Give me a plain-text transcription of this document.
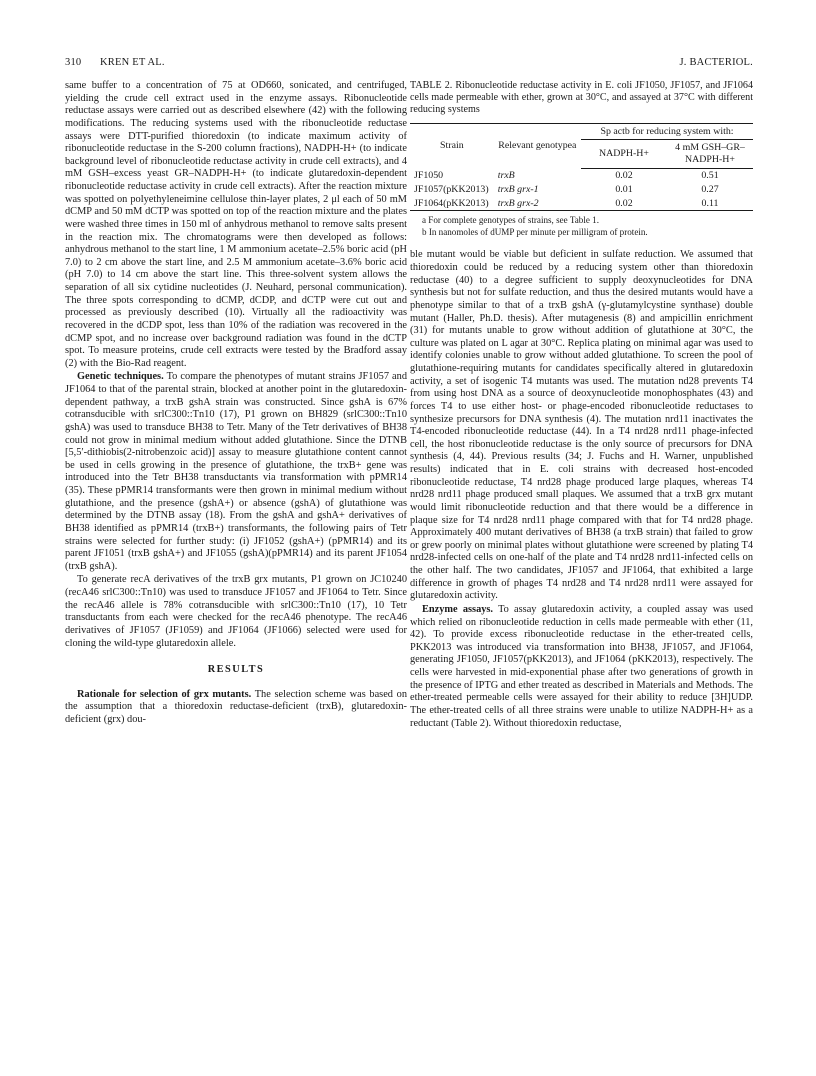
310 KREN ET AL.	J. BACTERIOL.

same buffer to a concentration of 75 at OD660, sonicated, and centrifuged, yielding the crude cell extract used in the enzyme assays. Ribonucleotide reductase assays were carried out as described elsewhere (42) with the following modifications. The reducing systems used with the ribonucleotide reductase assays were DTT-purified thioredoxin (to indicate maximum activity of ribonucleotide reductase in the S-200 column fractions), NADPH-H+ (to indicate background level of ribonucleotide reductase activity in crude cell extracts), and 4 mM GSH–excess yeast GR–NADPH-H+ (to indicate glutaredoxin-dependent ribonucleotide reductase activity in crude cell extracts). After the reaction mixture was spotted on polyethyleneimine cellulose thin-layer plates, 2 μl each of 50 mM dCMP and 50 mM dCTP was spotted on top of the reaction mixture and the plates were washed three times in 150 ml of anhydrous methanol to remove salts present in the reaction mix. The chromatograms were then developed as follows: anhydrous methanol to the start line, 1 M ammonium acetate–2.5% boric acid (pH 7.0) to 2 cm above the start line, and 2.5 M ammonium acetate–3.6% boric acid (pH 7.0) to 14 cm above the start line. This three-solvent system allows the separation of all six cytidine nucleotides (J. Neuhard, personal communication). The three spots corresponding to dCMP, dCDP, and dCTP were cut out and processed as previously described (10). Virtually all the radioactivity was recovered in the dCDP spot, less than 10% of the radiation was recovered in the dCMP spot, and no increase over background radiation was found in the dCTP spot. To measure proteins, crude cell extracts were tested by the Bradford assay (2) with the Bio-Rad reagent.

Genetic techniques. To compare the phenotypes of mutant strains JF1057 and JF1064 to that of the parental strain, blocked at another point in the glutaredoxin-dependent pathway, a trxB gshA strain was constructed. Since gshA is 67% cotransducible with srlC300::Tn10 (17), P1 grown on BH829 (srlC300::Tn10 gshA) was used to transduce BH38 to Tetr. Many of the Tetr derivatives of BH38 could not grow in minimal medium without added glutathione. Since the DTNB [5,5′-dithiobis(2-nitrobenzoic acid)] assay to measure glutathione content cannot be used in cells growing in the presence of glutathione, the trxB+ gene was introduced into the Tetr BH38 transductants via transformation with pPMR14 (35). These pPMR14 transformants were then grown in minimal medium without glutathione, and the presence (gshA+) or absence (gshA) of glutathione was determined by the DTNB assay (18). From the gshA and gshA+ derivatives of BH38 identified as pPMR14 (trxB+) transformants, the following pairs of Tetr strains were selected for further study: (i) JF1052 (gshA+) (pPMR14) and its parent JF1051 (trxB gshA+) and JF1055 (gshA)(pPMR14) and its parent JF1054 (trxB gshA).

To generate recA derivatives of the trxB grx mutants, P1 grown on JC10240 (recA46 srlC300::Tn10) was used to transduce JF1057 and JF1064 to Tetr. Since the recA46 allele is 78% cotransducible with srlC300::Tn10 (17), 10 Tetr transductants from each were checked for the recA46 phenotype. The recA46 derivatives of JF1057 (JF1059) and JF1064 (JF1066) selected were used for cloning the wild-type glutaredoxin allele.

RESULTS

Rationale for selection of grx mutants. The selection scheme was based on the assumption that a thioredoxin reductase-deficient (trxB), glutaredoxin-deficient (grx) dou-

TABLE 2. Ribonucleotide reductase activity in E. coli JF1050, JF1057, and JF1064 cells made permeable with ether, grown at 30°C, and assayed at 37°C with different reducing systems
Strain	Relevant genotypea	Sp actb for reducing system with:	
		NADPH-H+	4 mM GSH–GR–NADPH-H+
JF1050	trxB	0.02	0.51
JF1057(pKK2013)	trxB grx-1	0.01	0.27
JF1064(pKK2013)	trxB grx-2	0.02	0.11

a For complete genotypes of strains, see Table 1.

b In nanomoles of dUMP per minute per milligram of protein.

ble mutant would be viable but deficient in sulfate reduction. We assumed that thioredoxin could be reduced by a reducing system other than thioredoxin reductase (40) to a degree sufficient to supply deoxynucleotides for DNA synthesis but not for sulfate reduction, and thus the desired mutants would have a phenotype similar to that of a trxB gshA (γ-glutamylcystine synthase) double mutant (Haller, Ph.D. thesis). After mutagenesis (8) and ampicillin enrichment (31) for mutants unable to grow without addition of glutathione at 30°C, the culture was plated on L agar at 30°C. Replica plating on minimal agar was used to identify colonies unable to grow without added glutathione. To screen the pool of glutathione-requiring mutants for candidates specifically altered in glutaredoxin activity, a set of isogenic T4 mutants was used. The mutation nd28 prevents T4 from using host DNA as a source of deoxynucleotide monophosphates (43) and forces T4 to use either host- or phage-encoded ribonucleotide reductases to synthesize precursors for DNA synthesis (4). The mutation nrd11 inactivates the T4-encoded ribonucleotide reductase (44). In a T4 nrd28 nrd11 phage-infected cell, the host ribonucleotide reductase is the only source of precursors for DNA synthesis (4, 44). Previous results (34; J. Fuchs and H. Warner, unpublished results) indicated that in E. coli strains with decreased host-encoded ribonucleotide reductase, T4 nrd28 phage produced large plaques, whereas T4 nrd28 nrd11 phage produced small plaques. We assumed that a trxB grx mutant would limit ribonucleotide reduction and that there would be a difference in plaque size for T4 nrd28 nrd11 phage compared with that for T4 nrd28 phage. Approximately 400 mutant derivatives of BH38 (a trxB strain) that failed to grow or grew poorly on minimal plates without glutathione were screened by plating T4 nrd28-infected cells on one-half of the plate and T4 nrd28 nrd11-infected cells on the other half. The two candidates, JF1057 and JF1064, that exhibited a large difference in growth of phages T4 nrd28 and T4 nrd28 nrd11 were assayed for glutaredoxin activity.

Enzyme assays. To assay glutaredoxin activity, a coupled assay was used which relied on ribonucleotide reduction in cells made permeable with ether (11, 42). To provide excess ribonucleotide reductase in the ether-treated cells, PKK2013 was introduced via transformation into BH38, JF1057, and JF1064, generating JF1050, JF1057(pKK2013), and JF1064 (pKK2013), respectively. The cells were harvested in mid-exponential phase after two generations of growth in the presence of IPTG and ether treated as described in Materials and Methods. The ether-treated permeable cells were assayed for their ability to reduce [3H]UDP. The ether-treated cells of all three strains were unable to utilize NADPH-H+ as a reductant (Table 2). Without thioredoxin reductase,
